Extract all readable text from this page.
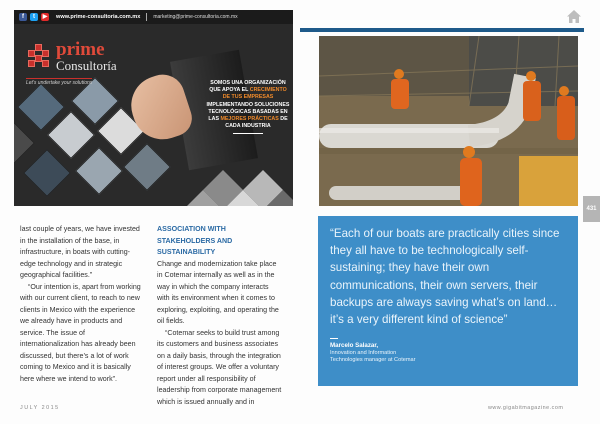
f	t	▶	www.prime-consultoria.com.mx	marketing@prime-consultoria.com.mx
prime
Consultoría
Let's undertake your solutions	SOMOS UNA ORGANIZACIÓN QUE APOYA EL CRECIMIENTO DE TUS EMPRESAS IMPLEMENTANDO SOLUCIONES TECNOLÓGICAS BASADAS EN LAS MEJORES PRÁCTICAS DE CADA INDUSTRIA
431

last couple of years, we have invested in the installation of the base, in infrastructure, in boats with cutting-edge technology and in strategic geographical facilities.”

“Our intention is, apart from working with our current client, to reach to new clients in Mexico with the experience we already have in products and service. The issue of internationalization has already been discussed, but there’s a lot of work coming to Mexico and it is basically here where we intend to work”.

ASSOCIATION WITH STAKEHOLDERS AND SUSTAINABILITY

Change and modernization take place in Cotemar internally as well as in the way in which the company interacts with its environment when it comes to exploring, exploiting, and operating the oil fields.

“Cotemar seeks to build trust among its customers and business associates on a daily basis, through the integration of interest groups. We offer a voluntary report under all responsibility of leadership from corporate management which is issued annually and in

“Each of our boats are practically cities since they all have to be technologically self-sustaining; they have their own communications, their own servers, their backups are always saving what’s on land… it’s a very different kind of science”

Marcelo Salazar,

Innovation and Information

Technologies manager at Cotemar

JULY 2015	www.gigabitmagazine.com
